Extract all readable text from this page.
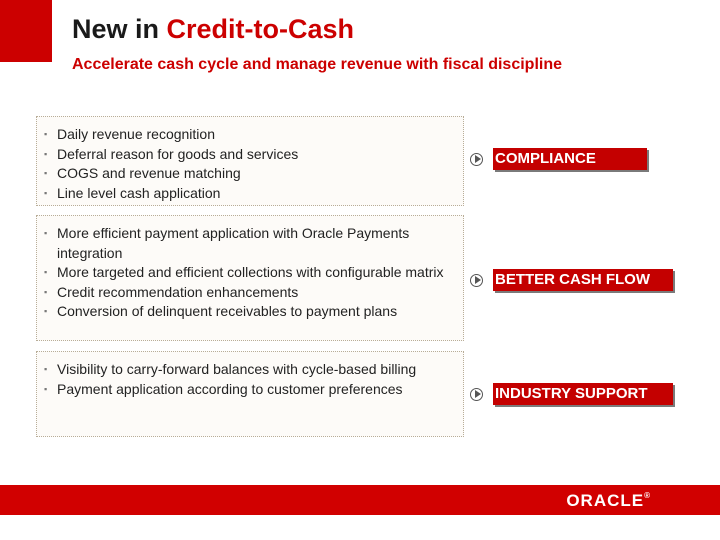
New in Credit-to-Cash
Accelerate cash cycle and manage revenue with fiscal discipline
▪ Daily revenue recognition
▪ Deferral reason for goods and services
▪ COGS and revenue matching
▪ Line level cash application
COMPLIANCE
▪ More efficient payment application with Oracle Payments integration
▪ More targeted and efficient collections with configurable matrix
▪ Credit recommendation enhancements
▪ Conversion of delinquent receivables to payment plans
BETTER CASH FLOW
▪ Visibility to carry-forward balances with cycle-based billing
▪ Payment application according to customer preferences	INDUSTRY SUPPORT
ORACLE®
